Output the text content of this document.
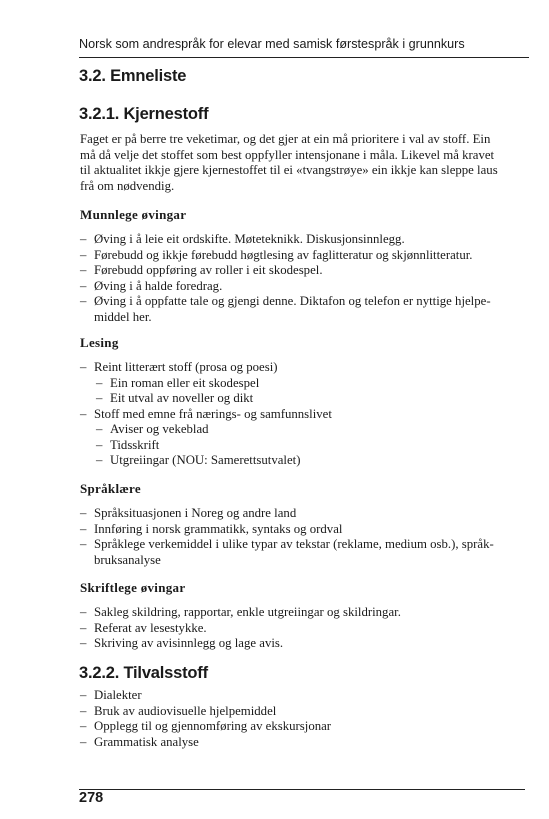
Norsk som andrespråk for elevar med samisk førstespråk i grunnkurs
3.2. Emneliste
3.2.1. Kjernestoff
Faget er på berre tre veketimar, og det gjer at ein må prioritere i val av stoff. Ein
må då velje det stoffet som best oppfyller intensjonane i måla. Likevel må kravet
til aktualitet ikkje gjere kjernestoffet til ei «tvangstrøye» ein ikkje kan sleppe laus
frå om nødvendig.
Munnlege øvingar
– Øving i å leie eit ordskifte. Møteteknikk. Diskusjonsinnlegg.
– Førebudd og ikkje førebudd høgtlesing av faglitteratur og skjønnlitteratur.
– Førebudd oppføring av roller i eit skodespel.
– Øving i å halde foredrag.
– Øving i å oppfatte tale og gjengi denne. Diktafon og telefon er nyttige hjelpe-
middel her.
Lesing
– Reint litterært stoff (prosa og poesi)
– Ein roman eller eit skodespel
– Eit utval av noveller og dikt
– Stoff med emne frå nærings- og samfunnslivet
– Aviser og vekeblad
– Tidsskrift
– Utgreiingar (NOU: Samerettsutvalet)
Språklære
– Språksituasjonen i Noreg og andre land
– Innføring i norsk grammatikk, syntaks og ordval
– Språklege verkemiddel i ulike typar av tekstar (reklame, medium osb.), språk-
bruksanalyse
Skriftlege øvingar
– Sakleg skildring, rapportar, enkle utgreiingar og skildringar.
– Referat av lesestykke.
– Skriving av avisinnlegg og lage avis.
3.2.2. Tilvalsstoff
– Dialekter
– Bruk av audiovisuelle hjelpemiddel
– Opplegg til og gjennomføring av ekskursjonar
– Grammatisk analyse
278
